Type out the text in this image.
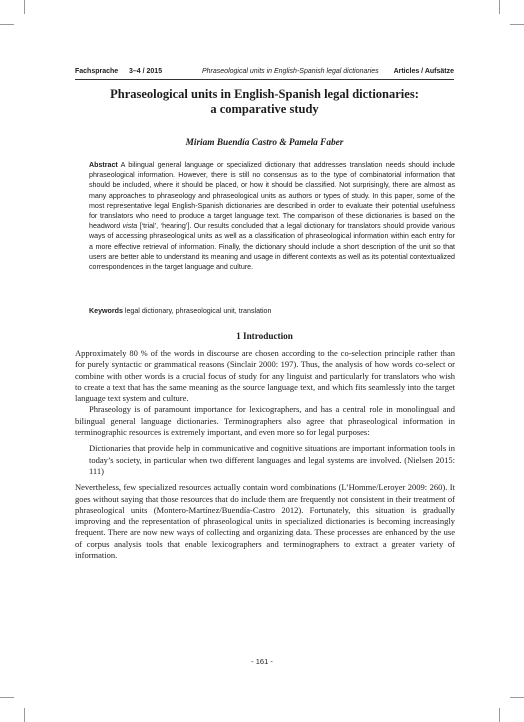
Fachsprache 3–4 / 2015	Phraseological units in English-Spanish legal dictionaries Articles / Aufsätze
Phraseological units in English-Spanish legal dictionaries:
a comparative study

Miriam Buendía Castro & Pamela Faber

Abstract A bilingual general language or specialized dictionary that addresses translation needs should include phraseological information. However, there is still no consensus as to the type of combinatorial information that should be included, where it should be placed, or how it should be classified. Not surprisingly, there are almost as many approaches to phraseology and phraseological units as authors or types of study. In this paper, some of the most representative legal English-Spanish dictionaries are described in order to evaluate their potential usefulness for translators who need to produce a target language text. The comparison of these dictionaries is based on the headword vista [‘trial’, ‘hearing’]. Our results concluded that a legal dictionary for translators should provide various ways of accessing phraseological units as well as a classification of phraseological information within each entry for a more effective retrieval of information. Finally, the dictionary should include a short description of the unit so that users are better able to understand its meaning and usage in different contexts as well as its potential contextualized correspondences in the target language and culture.

Keywords legal dictionary, phraseological unit, translation

1 Introduction

Approximately 80 % of the words in discourse are chosen according to the co-selection principle rather than for purely syntactic or grammatical reasons (Sinclair 2000: 197). Thus, the analysis of how words co-select or combine with other words is a crucial focus of study for any linguist and particularly for translators who wish to create a text that has the same meaning as the source language text, and which fits seamlessly into the target language text system and culture.

Phraseology is of paramount importance for lexicographers, and has a central role in monolingual and bilingual general language dictionaries. Terminographers also agree that phraseological information in terminographic resources is extremely important, and even more so for legal purposes:

Dictionaries that provide help in communicative and cognitive situations are important information tools in today’s society, in particular when two different languages and legal systems are involved. (Nielsen 2015: 111)

Nevertheless, few specialized resources actually contain word combinations (L’Homme/Leroyer 2009: 260). It goes without saying that those resources that do include them are frequently not consistent in their treatment of phraseological units (Montero-Martínez/Buendía-Castro 2012). Fortunately, this situation is gradually improving and the representation of phraseological units in specialized dictionaries is becoming increasingly frequent. There are now new ways of collecting and organizing data. These processes are enhanced by the use of corpus analysis tools that enable lexicographers and terminographers to extract a greater variety of information.

- 161 -
